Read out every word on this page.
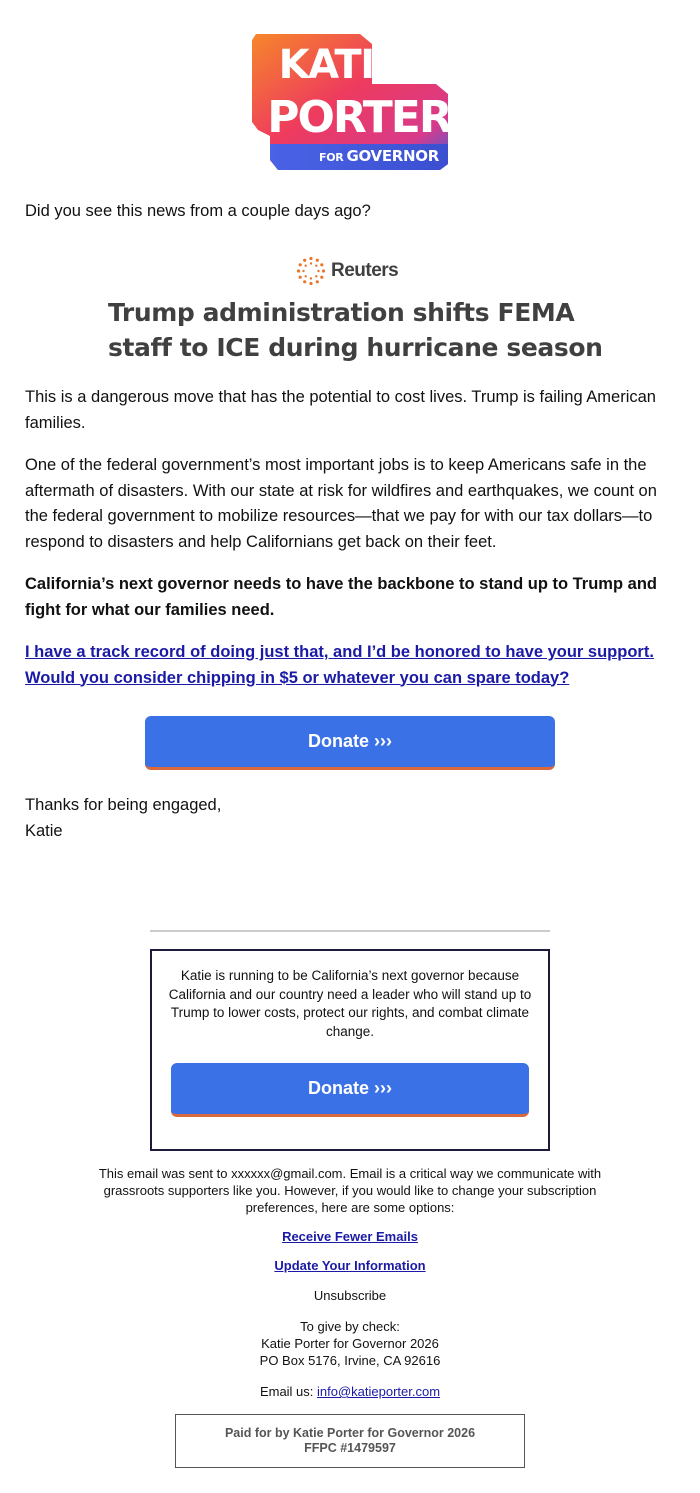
KATIE
PORTER
FOR GOVERNOR
Did you see this news from a couple days ago?
Reuters
Trump administration shifts FEMA staff to ICE during hurricane season
This is a dangerous move that has the potential to cost lives. Trump is failing American families.
One of the federal government’s most important jobs is to keep Americans safe in the aftermath of disasters. With our state at risk for wildfires and earthquakes, we count on the federal government to mobilize resources—that we pay for with our tax dollars—to respond to disasters and help Californians get back on their feet.
California’s next governor needs to have the backbone to stand up to Trump and fight for what our families need.
I have a track record of doing just that, and I’d be honored to have your support. Would you consider chipping in $5 or whatever you can spare today?
Donate ›››
Thanks for being engaged,
Katie
Katie is running to be California’s next governor because California and our country need a leader who will stand up to Trump to lower costs, protect our rights, and combat climate change.
Donate ›››
This email was sent to xxxxxx@gmail.com. Email is a critical way we communicate with grassroots supporters like you. However, if you would like to change your subscription preferences, here are some options:
Receive Fewer Emails
Update Your Information
Unsubscribe
To give by check:
Katie Porter for Governor 2026
PO Box 5176, Irvine, CA 92616
Email us: info@katieporter.com
Paid for by Katie Porter for Governor 2026
FFPC #1479597
